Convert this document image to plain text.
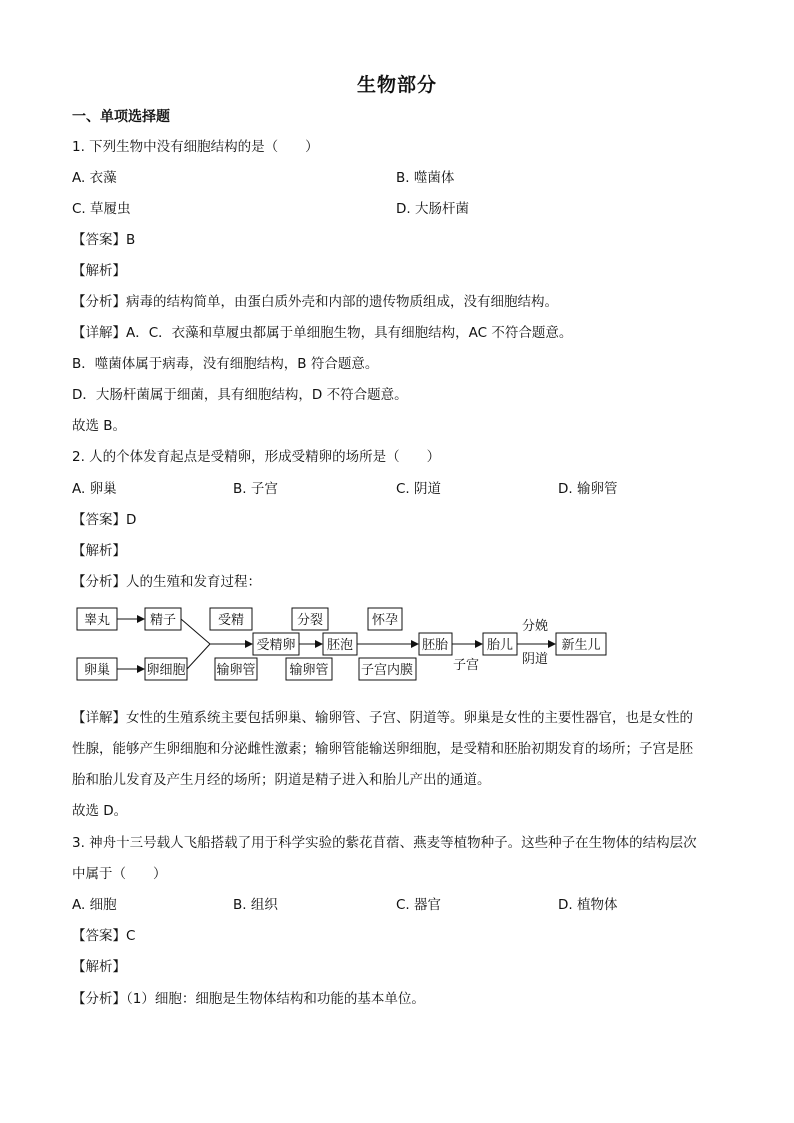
生物部分
一、单项选择题
1. 下列生物中没有细胞结构的是（　　）
A. 衣藻	B. 噬菌体
C. 草履虫	D. 大肠杆菌
【答案】B
【解析】
【分析】病毒的结构简单，由蛋白质外壳和内部的遗传物质组成，没有细胞结构。
【详解】A．C．衣藻和草履虫都属于单细胞生物，具有细胞结构，AC 不符合题意。
B．噬菌体属于病毒，没有细胞结构，B 符合题意。
D．大肠杆菌属于细菌，具有细胞结构，D 不符合题意。
故选 B。
2. 人的个体发育起点是受精卵，形成受精卵的场所是（　　）
A. 卵巢	B. 子宫	C. 阴道	D. 输卵管
【答案】D
【解析】
【分析】人的生殖和发育过程：
睾丸	精子
卵巢	卵细胞
受精
输卵管
受精卵
分裂
输卵管
胚泡
怀孕
子宫内膜
胚胎
子宫
胎儿
分娩
阴道
新生儿
【详解】女性的生殖系统主要包括卵巢、输卵管、子宫、阴道等。卵巢是女性的主要性器官，也是女性的
性腺，能够产生卵细胞和分泌雌性激素；输卵管能输送卵细胞，是受精和胚胎初期发育的场所；子宫是胚
胎和胎儿发育及产生月经的场所；阴道是精子进入和胎儿产出的通道。
故选 D。
3. 神舟十三号载人飞船搭载了用于科学实验的紫花苜蓿、燕麦等植物种子。这些种子在生物体的结构层次
中属于（　　）
A. 细胞	B. 组织	C. 器官	D. 植物体
【答案】C
【解析】
【分析】（1）细胞：细胞是生物体结构和功能的基本单位。
